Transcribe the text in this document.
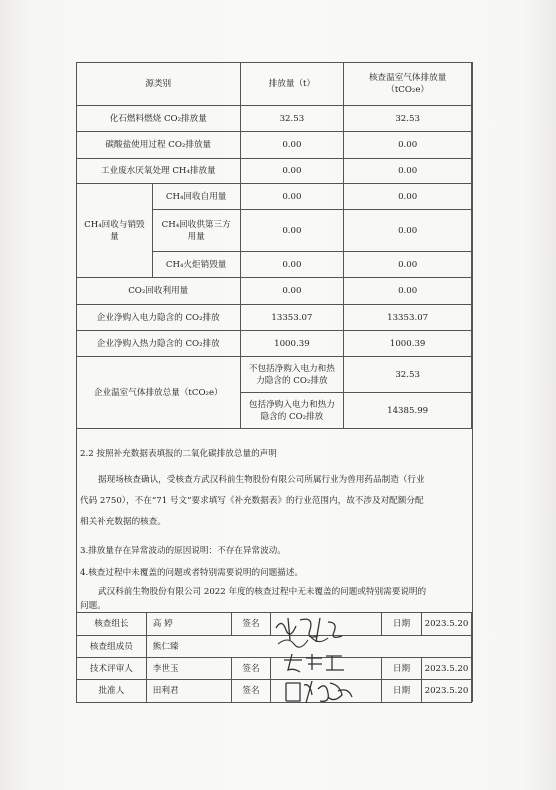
源类别		排放量（t）	核查温室气体排放量（tCO₂e）
化石燃料燃烧 CO₂排放量		32.53	32.53
碳酸盐使用过程 CO₂排放量		0.00	0.00
工业废水厌氧处理 CH₄排放量		0.00	0.00
CH₄回收与销毁量	CH₄回收自用量	0.00	0.00
	CH₄回收供第三方用量	0.00	0.00
	CH₄火炬销毁量	0.00	0.00
CO₂回收利用量		0.00	0.00
企业净购入电力隐含的 CO₂排放		13353.07	13353.07
企业净购入热力隐含的 CO₂排放		1000.39	1000.39
企业温室气体排放总量（tCO₂e）		不包括净购入电力和热力隐含的 CO₂排放	32.53
		包括净购入电力和热力隐含的 CO₂排放	14385.99
2.2 按照补充数据表填报的二氧化碳排放总量的声明
据现场核查确认，受核查方武汉科前生物股份有限公司所属行业为兽用药品制造（行业
代码 2750），不在“71 号文”要求填写《补充数据表》的行业范围内，故不涉及对配额分配
相关补充数据的核查。
3.排放量存在异常波动的原因说明：不存在异常波动。
4.核查过程中未覆盖的问题或者特别需要说明的问题描述。
武汉科前生物股份有限公司 2022 年度的核查过程中无未覆盖的问题或特别需要说明的
问题。
核查组长	高 婷	签名		日期	2023.5.20
核查组成员	熊仁臻				
技术评审人	李世玉	签名		日期	2023.5.20
批准人	田利君	签名		日期	2023.5.20
